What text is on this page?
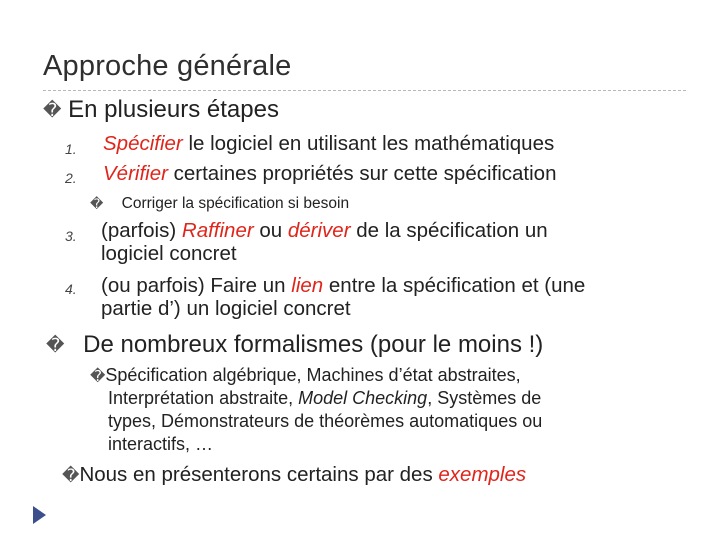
Approche générale
� En plusieurs étapes
1. Spécifier le logiciel en utilisant les mathématiques
2. Vérifier certaines propriétés sur cette spécification
� Corriger la spécification si besoin
3. (parfois) Raffiner ou dériver de la spécification un
logiciel concret
4. (ou parfois) Faire un lien entre la spécification et (une
partie d’) un logiciel concret
� De nombreux formalismes (pour le moins !)
�Spécification algébrique, Machines d’état abstraites,
Interprétation abstraite, Model Checking, Systèmes de
types, Démonstrateurs de théorèmes automatiques ou
interactifs, …
�Nous en présenterons certains par des exemples
